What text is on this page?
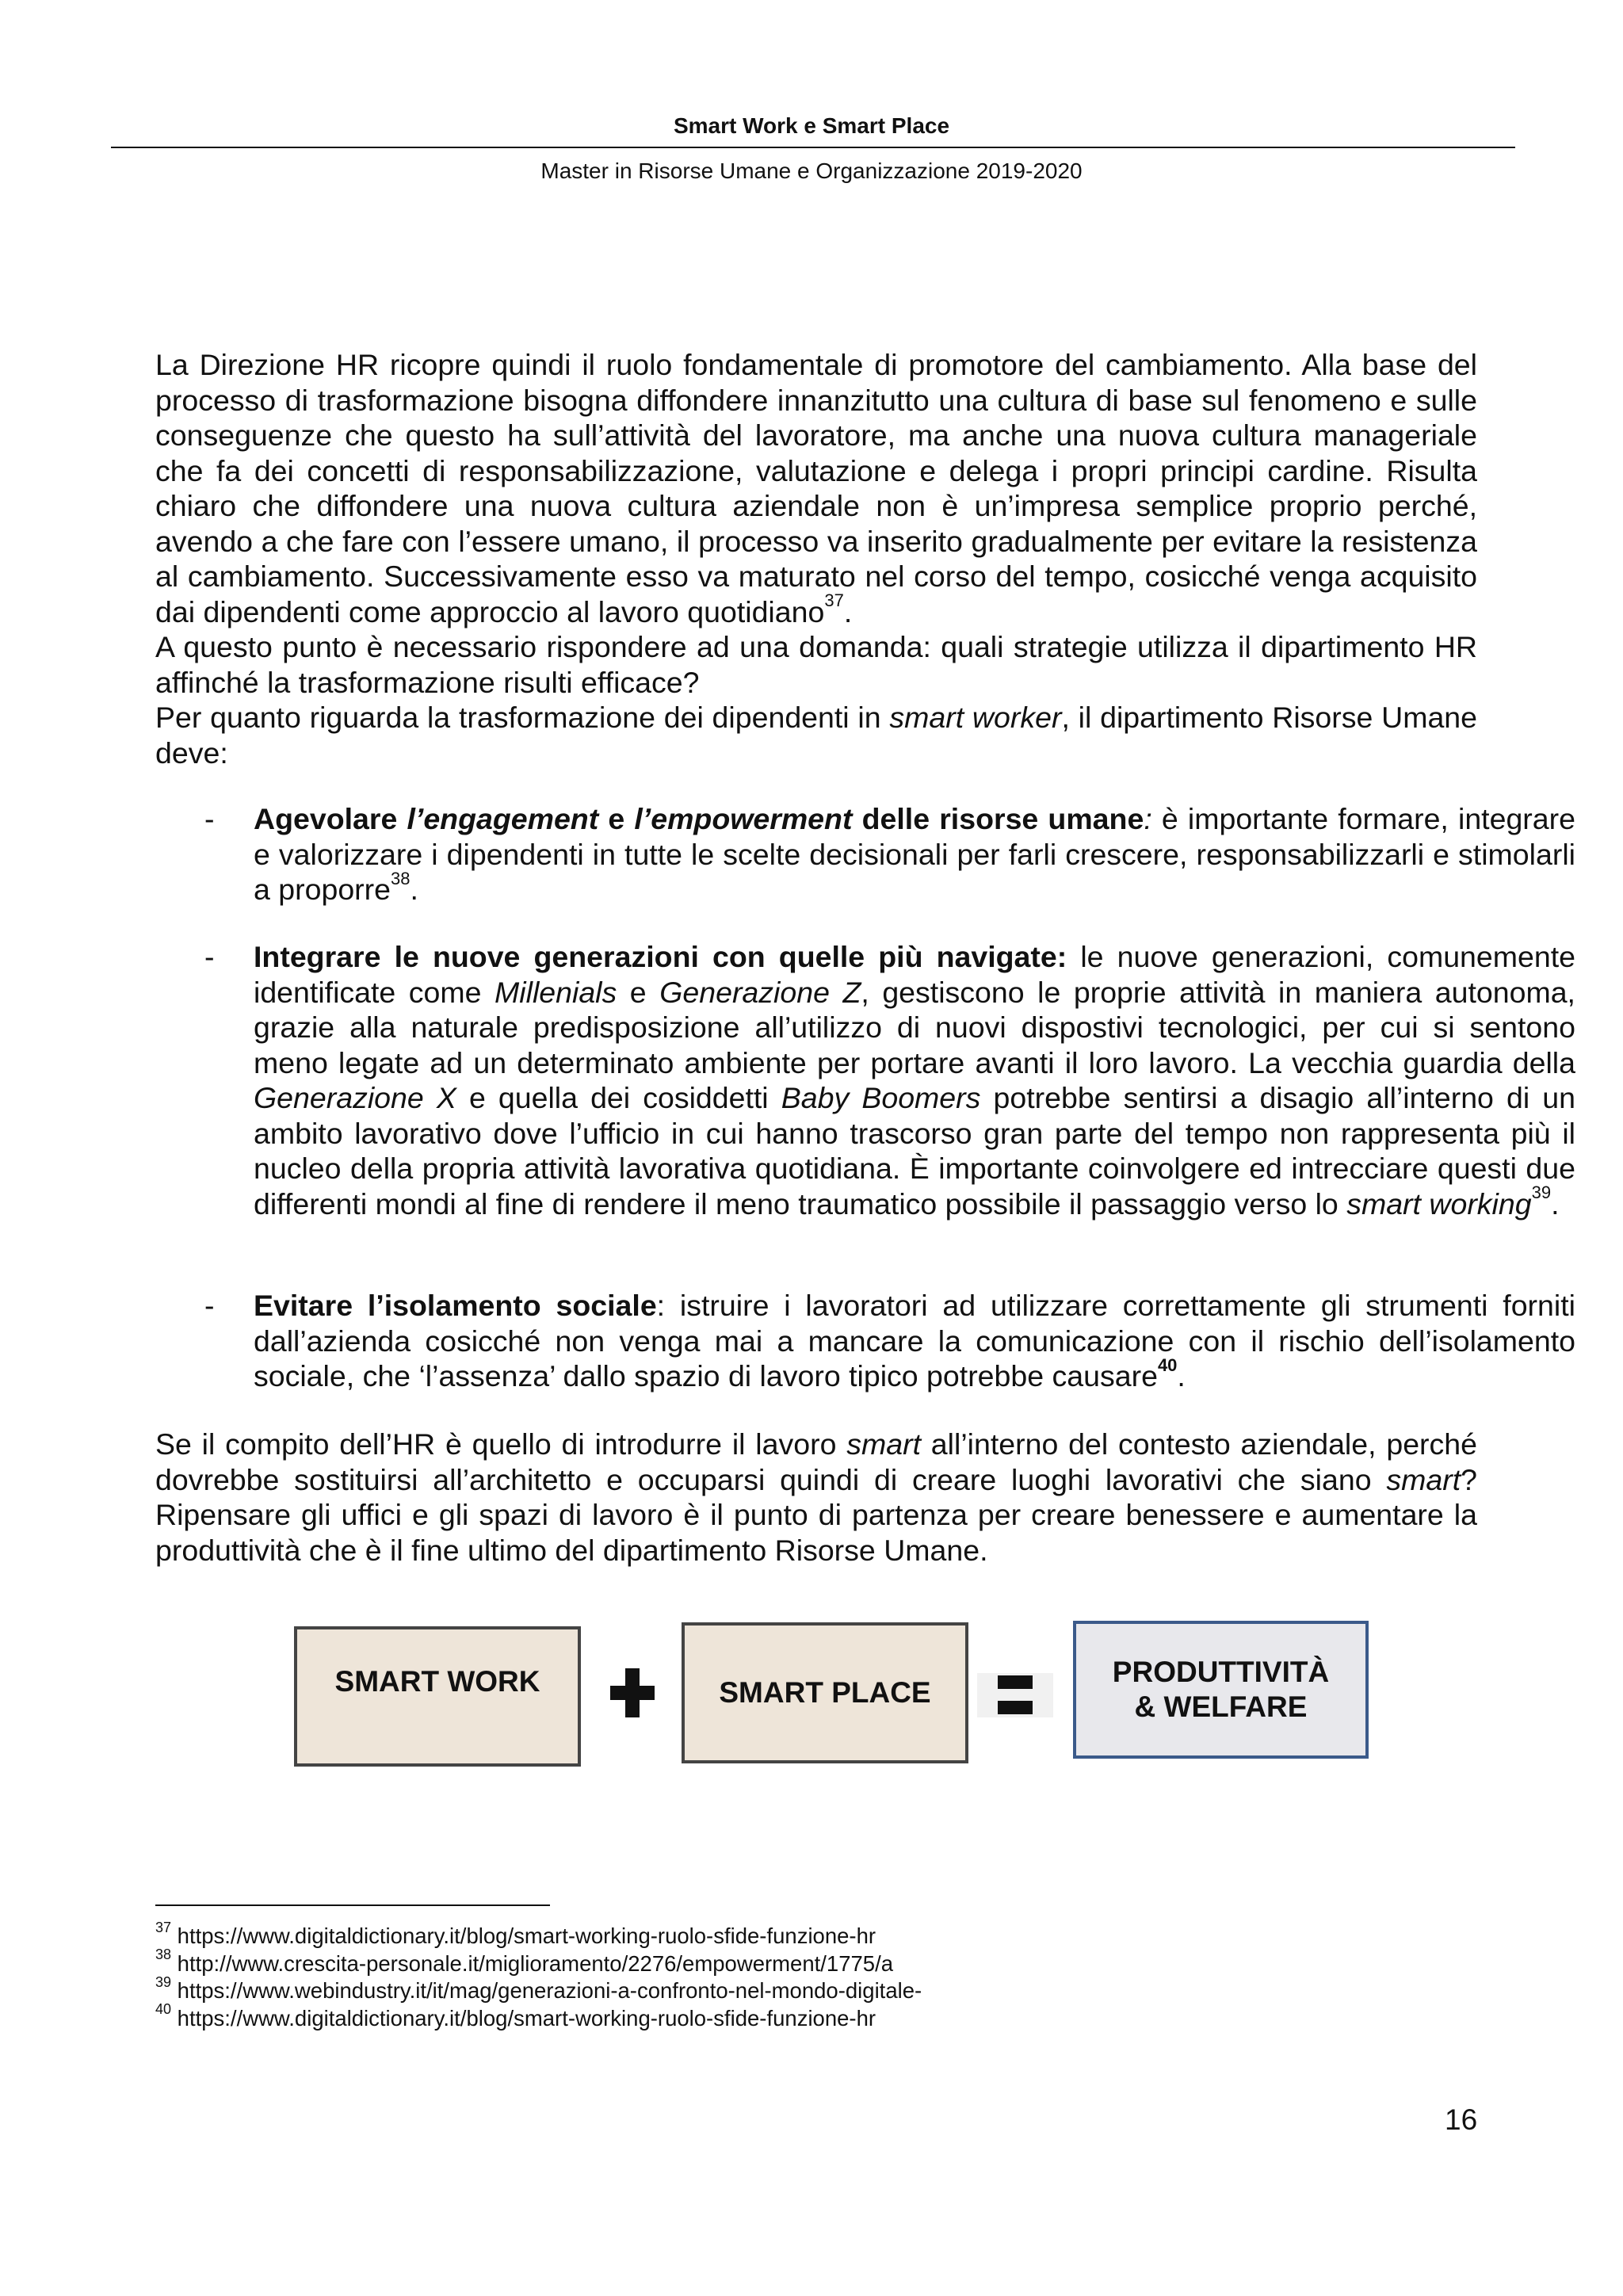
Smart Work e Smart Place
Master in Risorse Umane e Organizzazione 2019-2020
La Direzione HR ricopre quindi il ruolo fondamentale di promotore del cambiamento. Alla base del processo di trasformazione bisogna diffondere innanzitutto una cultura di base sul fenomeno e sulle conseguenze che questo ha sull’attività del lavoratore, ma anche una nuova cultura manageriale che fa dei concetti di responsabilizzazione, valutazione e delega i propri principi cardine. Risulta chiaro che diffondere una nuova cultura aziendale non è un’impresa semplice proprio perché, avendo a che fare con l’essere umano, il processo va inserito gradualmente per evitare la resistenza al cambiamento. Successivamente esso va maturato nel corso del tempo, cosicché venga acquisito dai dipendenti come approccio al lavoro quotidiano$^{37}$.
A questo punto è necessario rispondere ad una domanda: quali strategie utilizza il dipartimento HR affinché la trasformazione risulti efficace?
Per quanto riguarda la trasformazione dei dipendenti in smart worker, il dipartimento Risorse Umane deve:
- Agevolare l’engagement e l’empowerment delle risorse umane: è importante formare, integrare e valorizzare i dipendenti in tutte le scelte decisionali per farli crescere, responsabilizzarli e stimolarli a proporre$^{38}$.
- Integrare le nuove generazioni con quelle più navigate: le nuove generazioni, comunemente identificate come Millenials e Generazione Z, gestiscono le proprie attività in maniera autonoma, grazie alla naturale predisposizione all’utilizzo di nuovi dispostivi tecnologici, per cui si sentono meno legate ad un determinato ambiente per portare avanti il loro lavoro. La vecchia guardia della Generazione X e quella dei cosiddetti Baby Boomers potrebbe sentirsi a disagio all’interno di un ambito lavorativo dove l’ufficio in cui hanno trascorso gran parte del tempo non rappresenta più il nucleo della propria attività lavorativa quotidiana. È importante coinvolgere ed intrecciare questi due differenti mondi al fine di rendere il meno traumatico possibile il passaggio verso lo smart working$^{39}$.
- Evitare l’isolamento sociale: istruire i lavoratori ad utilizzare correttamente gli strumenti forniti dall’azienda cosicché non venga mai a mancare la comunicazione con il rischio dell’isolamento sociale, che ‘l’assenza’ dallo spazio di lavoro tipico potrebbe causare$^{40}$.
Se il compito dell’HR è quello di introdurre il lavoro smart all’interno del contesto aziendale, perché dovrebbe sostituirsi all’architetto e occuparsi quindi di creare luoghi lavorativi che siano smart? Ripensare gli uffici e gli spazi di lavoro è il punto di partenza per creare benessere e aumentare la produttività che è il fine ultimo del dipartimento Risorse Umane.
SMART WORK	SMART PLACE
PRODUTTIVITÀ
& WELFARE
$^{37}$ https://www.digitaldictionary.it/blog/smart-working-ruolo-sfide-funzione-hr
$^{38}$ http://www.crescita-personale.it/miglioramento/2276/empowerment/1775/a
$^{39}$ https://www.webindustry.it/it/mag/generazioni-a-confronto-nel-mondo-digitale-
$^{40}$ https://www.digitaldictionary.it/blog/smart-working-ruolo-sfide-funzione-hr
16
